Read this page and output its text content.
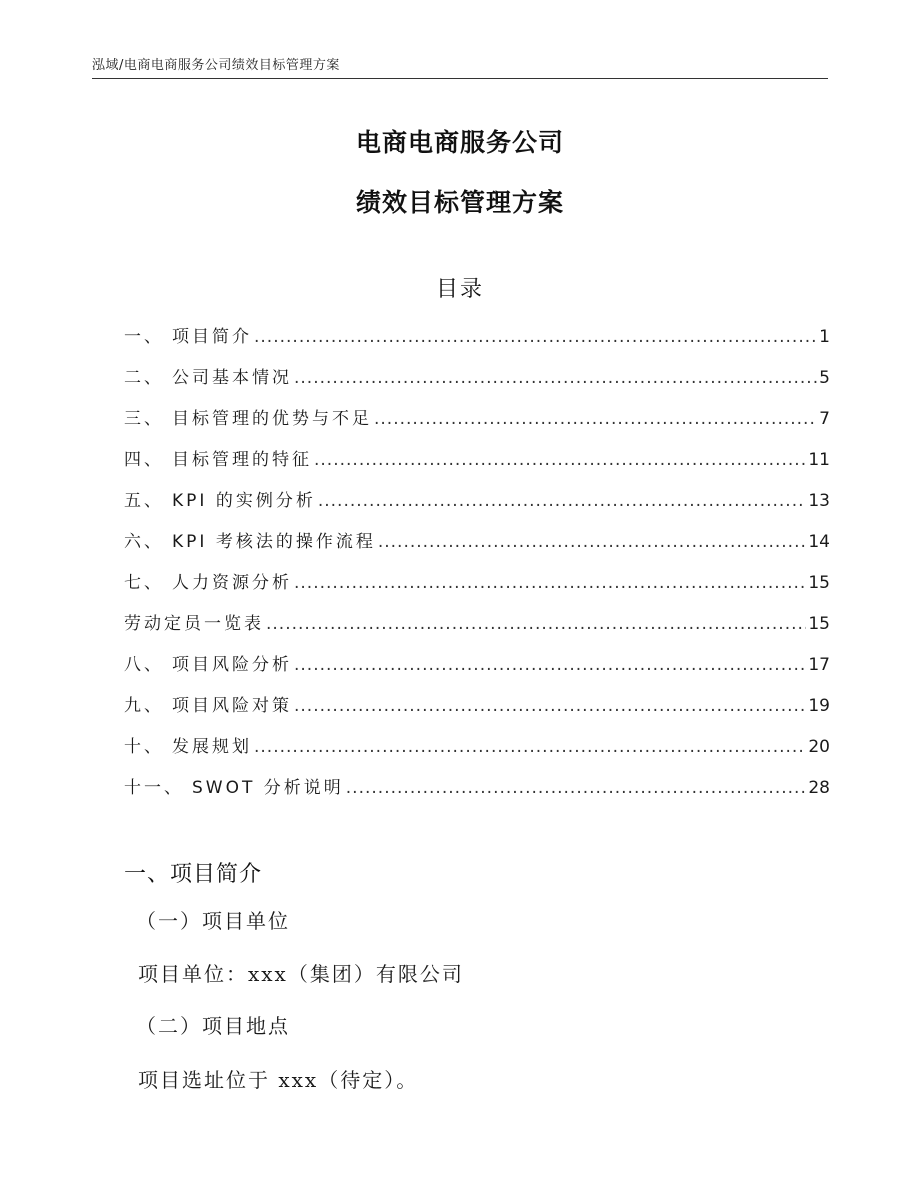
泓域/电商电商服务公司绩效目标管理方案
电商电商服务公司
绩效目标管理方案
目录
一、 项目简介 .....	1
二、 公司基本情况 .....	5
三、 目标管理的优势与不足 .....	7
四、 目标管理的特征 .....	11
五、 KPI 的实例分析 .....	13
六、 KPI 考核法的操作流程 .....	14
七、 人力资源分析 .....	15
劳动定员一览表 .....	15
八、 项目风险分析 .....	17
九、 项目风险对策 .....	19
十、 发展规划 .....	20
十一、 SWOT 分析说明 .....	28
一、项目简介
（一）项目单位
项目单位：xxx（集团）有限公司
（二）项目地点
项目选址位于 xxx（待定）。
